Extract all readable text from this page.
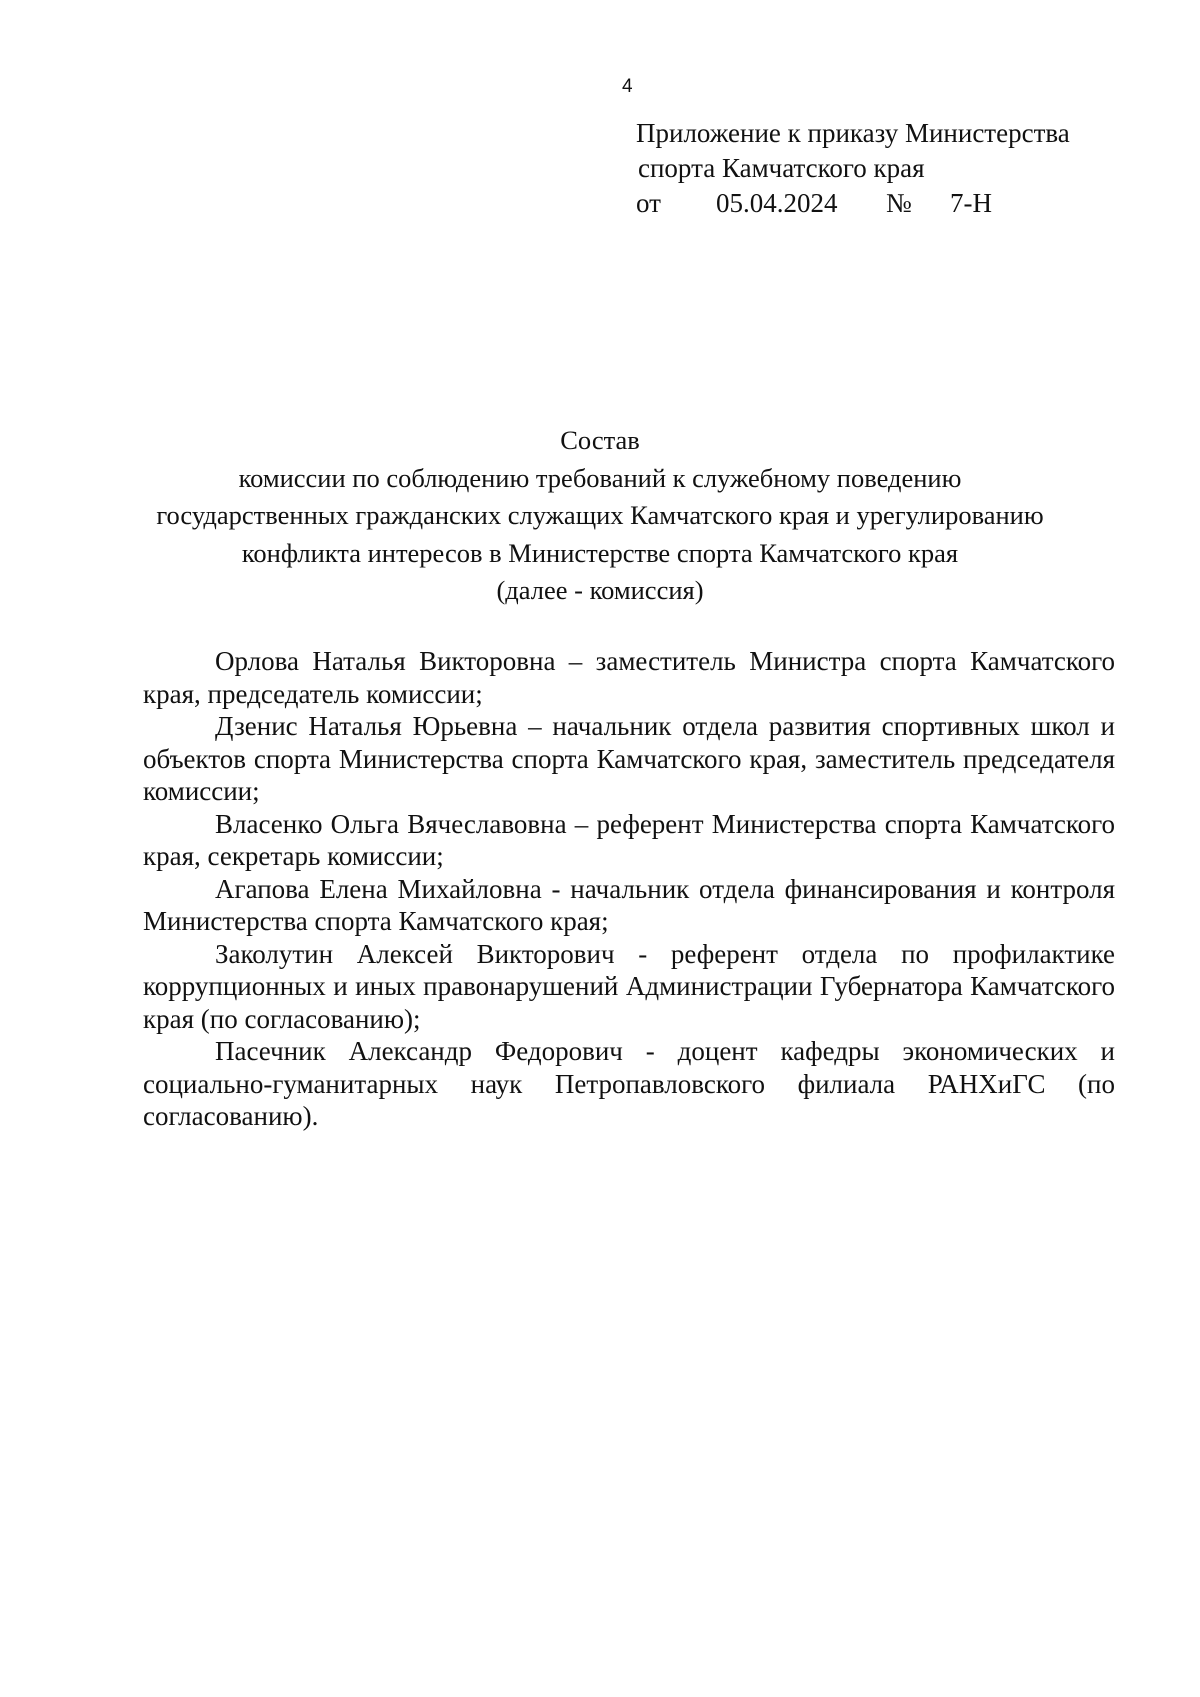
4
Приложение к приказу Министерства
спорта Камчатского края
от 05.04.2024 № 7-Н
Состав
комиссии по соблюдению требований к служебному поведению
государственных гражданских служащих Камчатского края и урегулированию
конфликта интересов в Министерстве спорта Камчатского края
(далее - комиссия)

Орлова Наталья Викторовна – заместитель Министра спорта Камчатского края, председатель комиссии;

Дзенис Наталья Юрьевна – начальник отдела развития спортивных школ и объектов спорта Министерства спорта Камчатского края, заместитель председателя комиссии;

Власенко Ольга Вячеславовна – референт Министерства спорта Камчатского края, секретарь комиссии;

Агапова Елена Михайловна - начальник отдела финансирования и контроля Министерства спорта Камчатского края;

Заколутин Алексей Викторович - референт отдела по профилактике коррупционных и иных правонарушений Администрации Губернатора Камчатского края (по согласованию);

Пасечник Александр Федорович - доцент кафедры экономических и социально-гуманитарных наук Петропавловского филиала РАНХиГС (по согласованию).
